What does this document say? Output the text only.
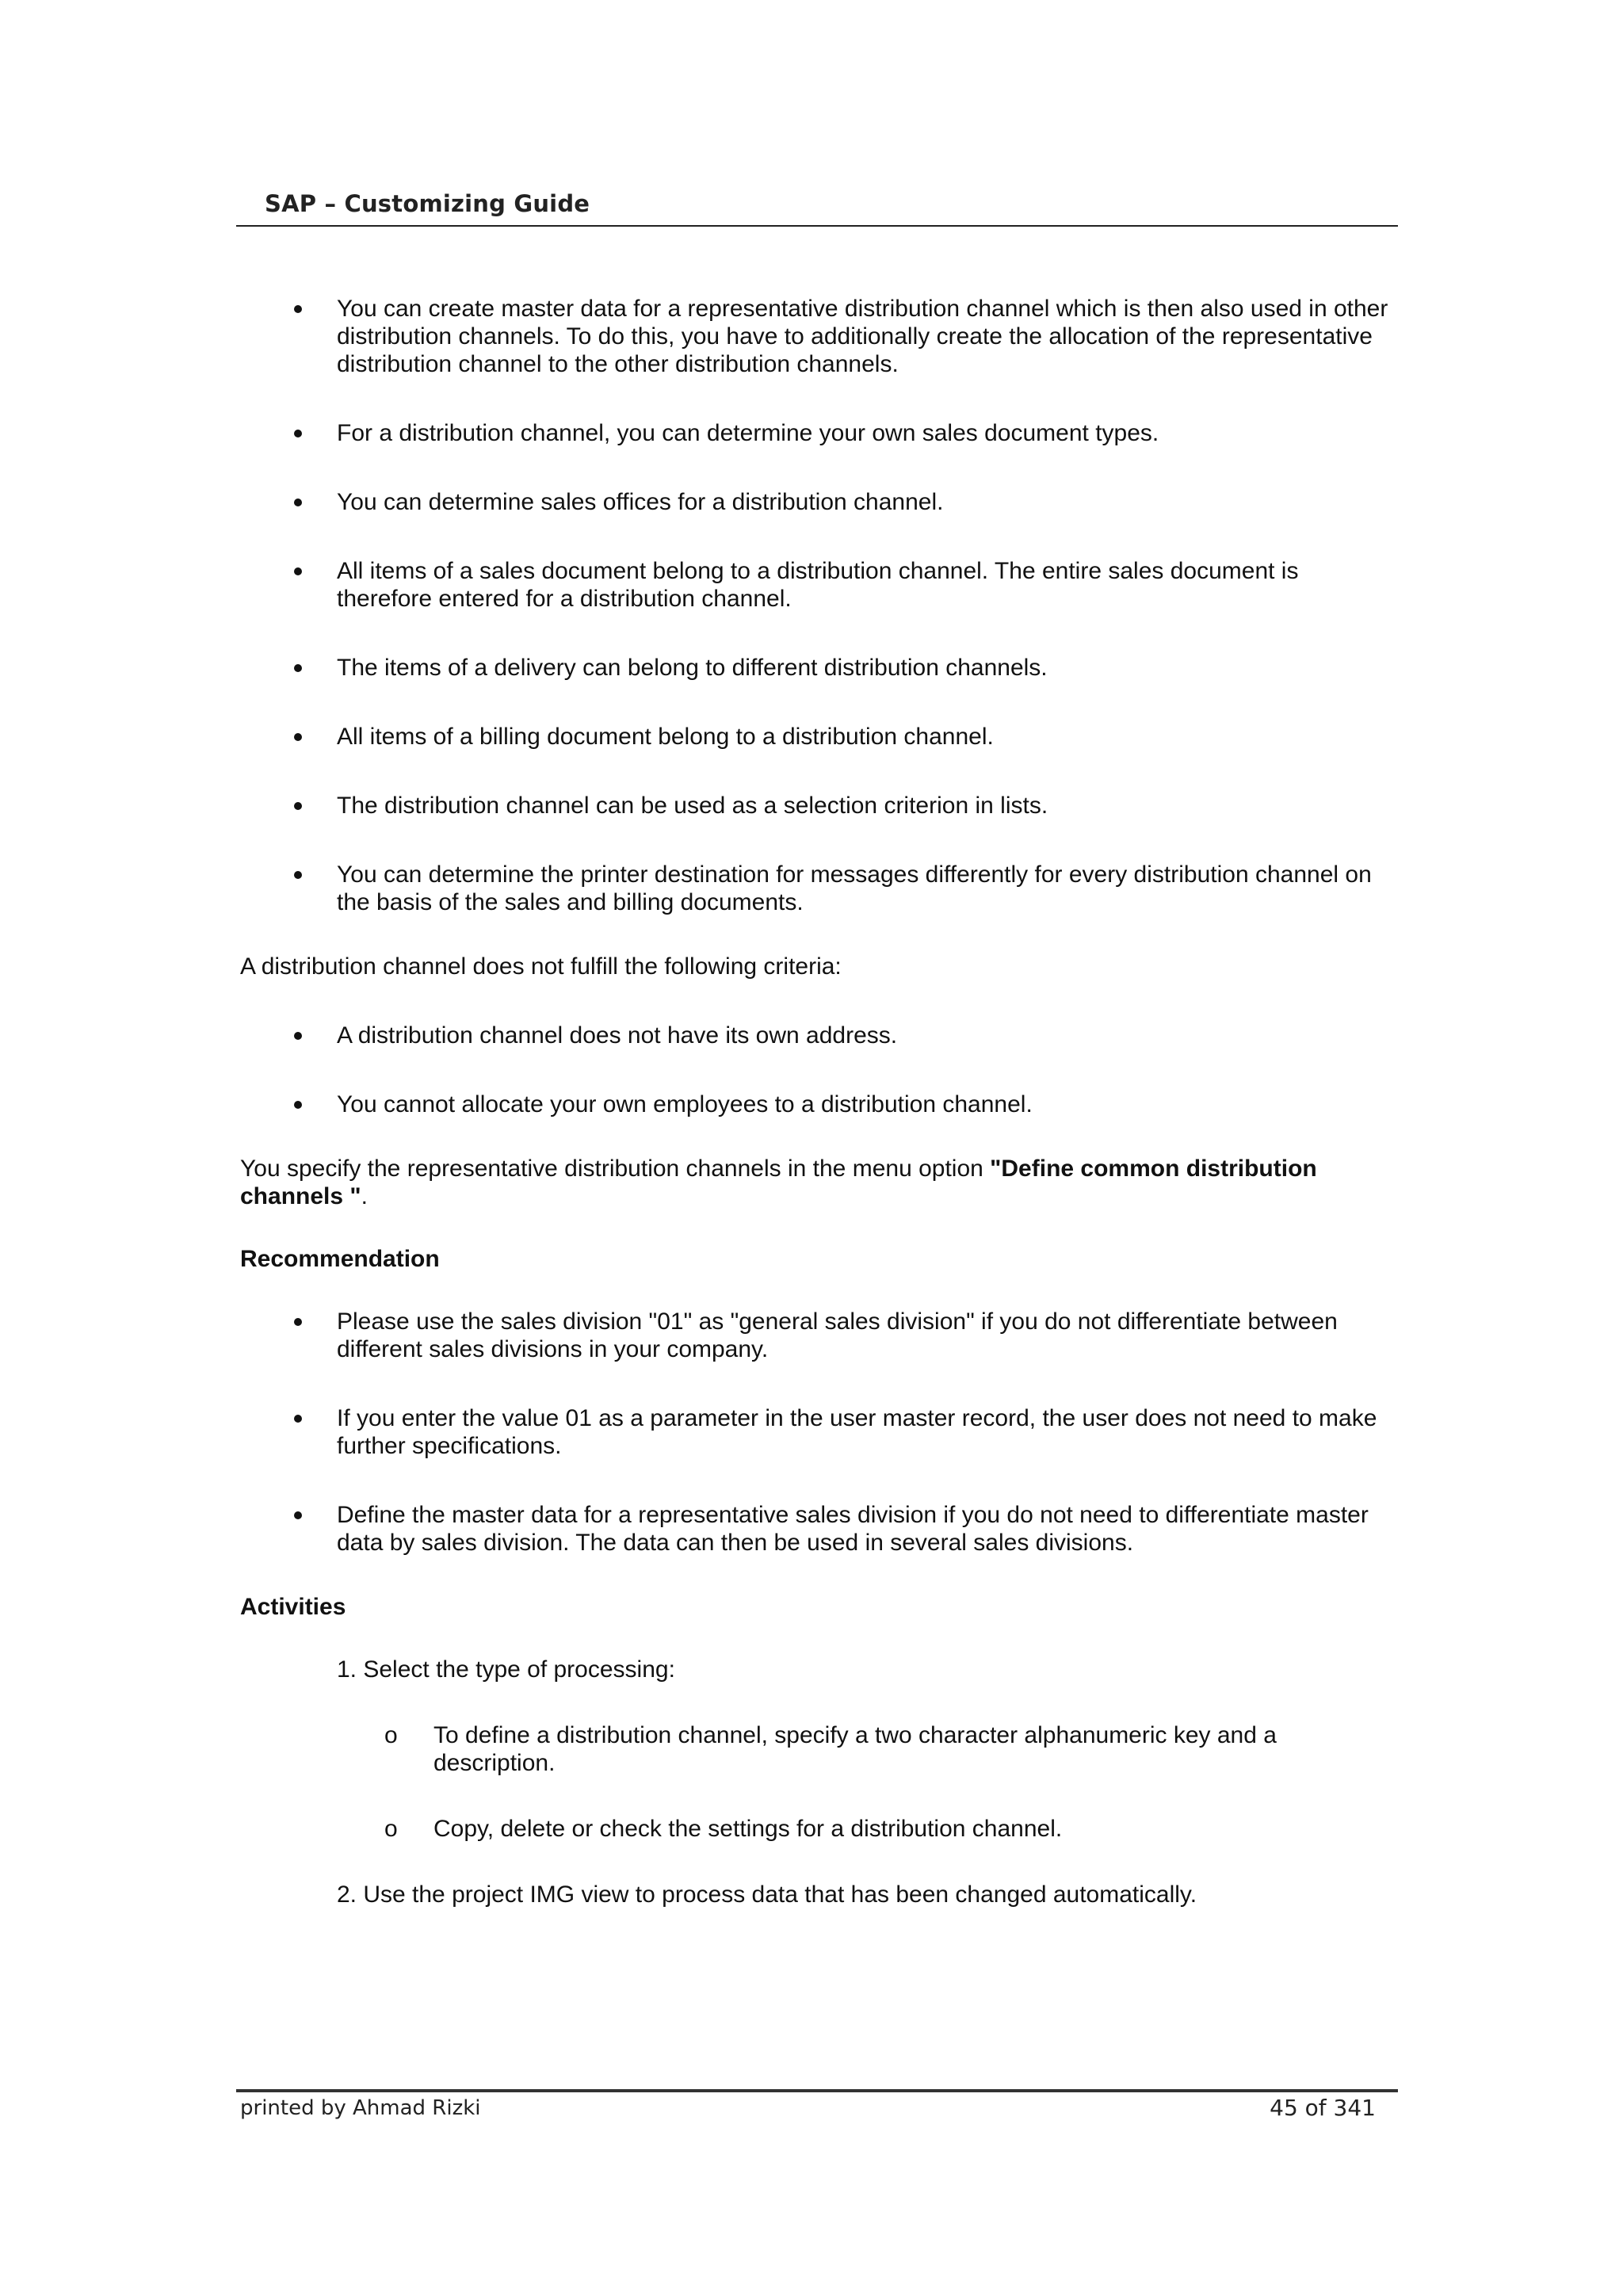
SAP – Customizing Guide
You can create master data for a representative distribution channel which is then also used in other distribution channels. To do this, you have to additionally create the allocation of the representative distribution channel to the other distribution channels.
For a distribution channel, you can determine your own sales document types.
You can determine sales offices for a distribution channel.
All items of a sales document belong to a distribution channel. The entire sales document is therefore entered for a distribution channel.
The items of a delivery can belong to different distribution channels.
All items of a billing document belong to a distribution channel.
The distribution channel can be used as a selection criterion in lists.
You can determine the printer destination for messages differently for every distribution channel on the basis of the sales and billing documents.

A distribution channel does not fulfill the following criteria:

A distribution channel does not have its own address.
You cannot allocate your own employees to a distribution channel.

You specify the representative distribution channels in the menu option "Define common distribution channels ".

Recommendation

Please use the sales division "01" as "general sales division" if you do not differentiate between different sales divisions in your company.
If you enter the value 01 as a parameter in the user master record, the user does not need to make further specifications.
Define the master data for a representative sales division if you do not need to differentiate master data by sales division. The data can then be used in several sales divisions.

Activities

1. Select the type of processing:
o To define a distribution channel, specify a two character alphanumeric key and a description.
o Copy, delete or check the settings for a distribution channel.
2. Use the project IMG view to process data that has been changed automatically.
printed by Ahmad Rizki	45 of 341
